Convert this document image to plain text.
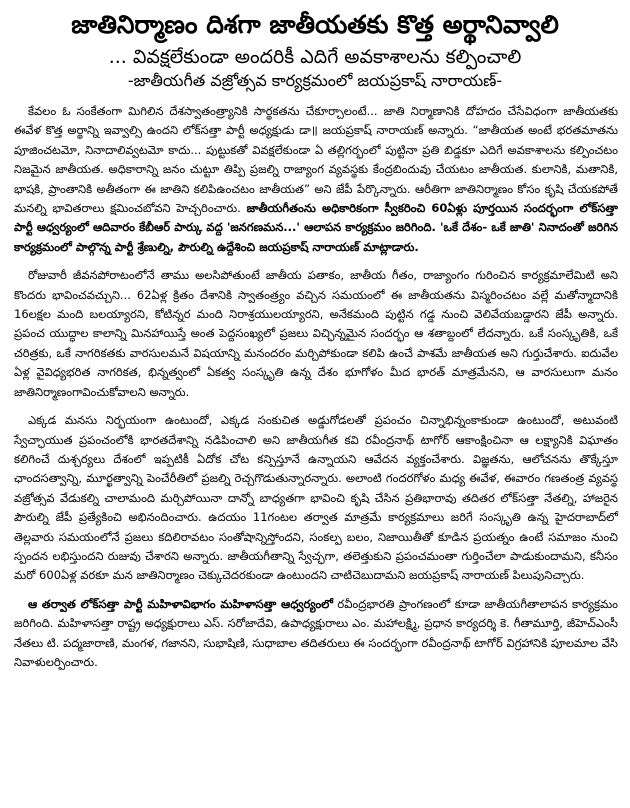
జాతినిర్మాణం దిశగా జాతీయతకు కొత్త అర్థానివ్వాలి
... వివక్షలేకుండా అందరికీ ఎదిగే అవకాశాలను కల్పించాలి
-జాతీయగీత వజ్రోత్సవ కార్యక్రమంలో జయప్రకాష్ నారాయణ్-

కేవలం ఓ సంకేతంగా మిగిలిన దేశస్వాతంత్ర్యానికి సార్థకతను చేకూర్చాలంటే... జాతి నిర్మాణానికి దోహదం చేసేవిధంగా జాతీయతకు ఈవేళ కొత్త అర్థాన్ని ఇవ్వాల్సి ఉందని లోక్‌సత్తా పార్టీ అధ్యక్షుడు డా॥ జయప్రకాష్ నారాయణ్ అన్నారు. “జాతీయత అంటే భరతమాతను పూజించటమో, నినాదాలివ్వటమో కాదు... పుట్టుకతో వివక్షలేకుండా ఏ తల్లిగర్భంలో పుట్టినా ప్రతి బిడ్డకూ ఎదిగే అవకాశాలను కల్పించటం నిజమైన జాతీయత. అధికారాన్ని జనం చుట్టూ తిప్పి ప్రజల్ని రాజ్యాంగ వ్యవస్థకు కేంద్రబిందువు చేయటం జాతీయత. కులానికి, మతానికి, భాషకి, ప్రాంతానికి అతీతంగా ఈ జాతిని కలిపిఉంచటం జాతీయత” అని జేపీ పేర్కొన్నారు. ఆరీతిగా జాతినిర్మాణం కోసం కృషి చేయకపోతే మనల్ని భావితరాలు క్షమించబోవని హెచ్చరించారు. జాతీయగీతంను అధికారికంగా స్వీకరించి 60ఏళ్లు పూర్తయిన సందర్భంగా లోక్‌సత్తా పార్టీ ఆధ్వర్యంలో ఆదివారం కేబీఆర్ పార్కు వద్ద 'జనగణమన...' ఆలాపన కార్యక్రమం జరిగింది. 'ఒకే దేశం- ఒకే జాతి' నినాదంతో జరిగిన కార్యక్రమంలో పాల్గొన్న పార్టీ శ్రేణుల్ని, పౌరుల్ని ఉద్దేశించి జయప్రకాష్ నారాయణ్ మాట్లాడారు.

రోజువారీ జీవనపోరాటంలోనే తాము అలసిపోతుంటే జాతీయ పతాకం, జాతీయ గీతం, రాజ్యాంగం గురించిన కార్యక్రమాలేమిటి అని కొందరు భావించవచ్చుని... 62ఏళ్ల క్రితం దేశానికి స్వాతంత్ర్యం వచ్చిన సమయంలో ఈ జాతీయతను విస్మరించటం వల్లే మతోన్మాదానికి 16లక్షల మంది బలయ్యారని, కోటిన్నర మంది నిరాశ్రయులయ్యారని, అనేకమంది పుట్టిన గడ్డ నుంచి వెలివేయబడ్డారని జేపీ అన్నారు. ప్రపంచ యుద్ధాల కాలాన్ని మినహాయిస్తే అంత పెద్దసంఖ్యలో ప్రజలు విచ్ఛిన్నమైన సందర్భం ఆ శతాబ్దంలో లేదన్నారు. ఒకే సంస్కృతికి, ఒకే చరిత్రకు, ఒకే నాగరికతకు వారసులమనే విషయాన్ని మనందరం మర్చిపోకుండా కలిపి ఉంచే పాశమే జాతీయత అని గుర్తుచేశారు. ఐదువేల ఏళ్ల వైవిధ్యభరిత నాగరికత, భిన్నత్వంలో ఏకత్వ సంస్కృతి ఉన్న దేశం భూగోళం మీద భారత్ మాత్రమేనని, ఆ వారసులుగా మనం జాతినిర్మాణంగావించుకోవాలని అన్నారు.

ఎక్కడ మనసు నిర్భయంగా ఉంటుందో, ఎక్కడ సంకుచిత అడ్డుగోడలతో ప్రపంచం చిన్నాభిన్నంకాకుండా ఉంటుందో, అటువంటి స్వేచ్ఛాయుత ప్రపంచంలోకి భారతదేశాన్ని నడిపించాలి అని జాతీయగీత కవి రవీంద్రనాథ్ టాగోర్ ఆకాంక్షించినా ఆ లక్ష్యానికి విఘాతం కలిగించే దుశ్చర్యలు దేశంలో ఇప్పటికీ ఏదోక చోట కన్పిస్తూనే ఉన్నాయని ఆవేదన వ్యక్తంచేశారు. విజ్ఞతను, ఆలోచనను తొక్కేస్తూ ఛాందసత్వాన్ని, మూర్ఖత్వాన్ని పెంచేరీతిలో ప్రజల్ని రెచ్చగొడుతున్నారన్నారు. అలాంటి గందరగోళం మధ్య ఈవేళ, ఈవారం గణతంత్ర వ్యవస్థ వజ్రోత్సవ వేడుకల్ని చాలామంది మర్చిపోయినా దాన్నో బాధ్యతగా భావించి కృషి చేసిన ప్రతిభారావు తదితర లోక్‌సత్తా నేతల్ని, హాజరైన పౌరుల్ని జేపీ ప్రత్యేకించి అభినందించారు. ఉదయం 11గంటల తర్వాత మాత్రమే కార్యక్రమాలు జరిగే సంస్కృతి ఉన్న హైదరాబాద్‌లో తెల్లవారు సమయంలోనే ప్రజలు కదిలిరావటం సంతోషాన్నిస్తోందని, సంకల్ప బలం, నిజాయితీతో కూడిన ప్రయత్నం ఉంటే సమాజం నుంచి స్పందన లభిస్తుందని రుజువు చేశారని అన్నారు. జాతీయగీతాన్ని స్వేచ్ఛగా, తలెత్తుకుని ప్రపంచమంతా గుర్తించేలా పాడుకుందామని, కనీసం మరో 600ఏళ్ల వరకూ మన జాతినిర్మాణం చెక్కుచెదరకుండా ఉంటుందని చాటిచెబుదామని జయప్రకాష్ నారాయణ్ పిలుపునిచ్చారు.

ఆ తర్వాత లోక్‌సత్తా పార్టీ మహిళావిభాగం మహిళాసత్తా ఆధ్వర్యంలో రవీంద్రభారతి ప్రాంగణంలో కూడా జాతీయగీతాలాపన కార్యక్రమం జరిగింది. మహిళాసత్తా రాష్ట్ర అధ్యక్షురాలు ఎస్. సరోజాదేవి, ఉపాధ్యక్షురాలు ఎం. మహాలక్ష్మి, ప్రధాన కార్యదర్శి కె. గీతామూర్తి, జీహెచ్ఎంసీ నేతలు టి. పద్మజారాణి, మంగళ, గజానని, సుభాషిణి, సుధాబాల తదితరులు ఈ సందర్భంగా రవీంద్రనాథ్ టాగోర్ విగ్రహానికి పూలమాల వేసి నివాళులర్పించారు.
